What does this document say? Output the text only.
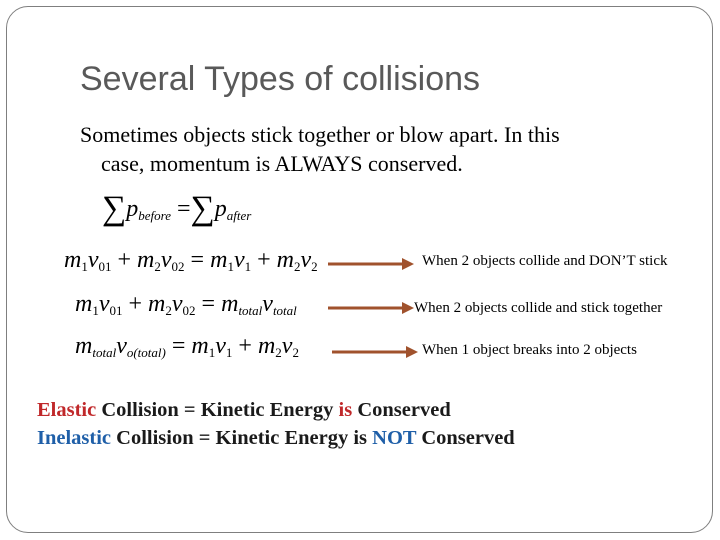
Several Types of collisions
Sometimes objects stick together or blow apart. In this
case, momentum is ALWAYS conserved.
$\sum p_{before} =\sum p_{after}$
$m_1v_{01} + m_2v_{02} = m_1v_1 + m_2v_2$
$m_1v_{01} + m_2v_{02} = m_{total}v_{total}$
$m_{total}v_{o(total)} = m_1v_1 + m_2v_2$
When 2 objects collide and DON’T stick
When 2 objects collide and stick together
When 1 object breaks into 2 objects
Elastic Collision = Kinetic Energy is Conserved
Inelastic Collision = Kinetic Energy is NOT Conserved
